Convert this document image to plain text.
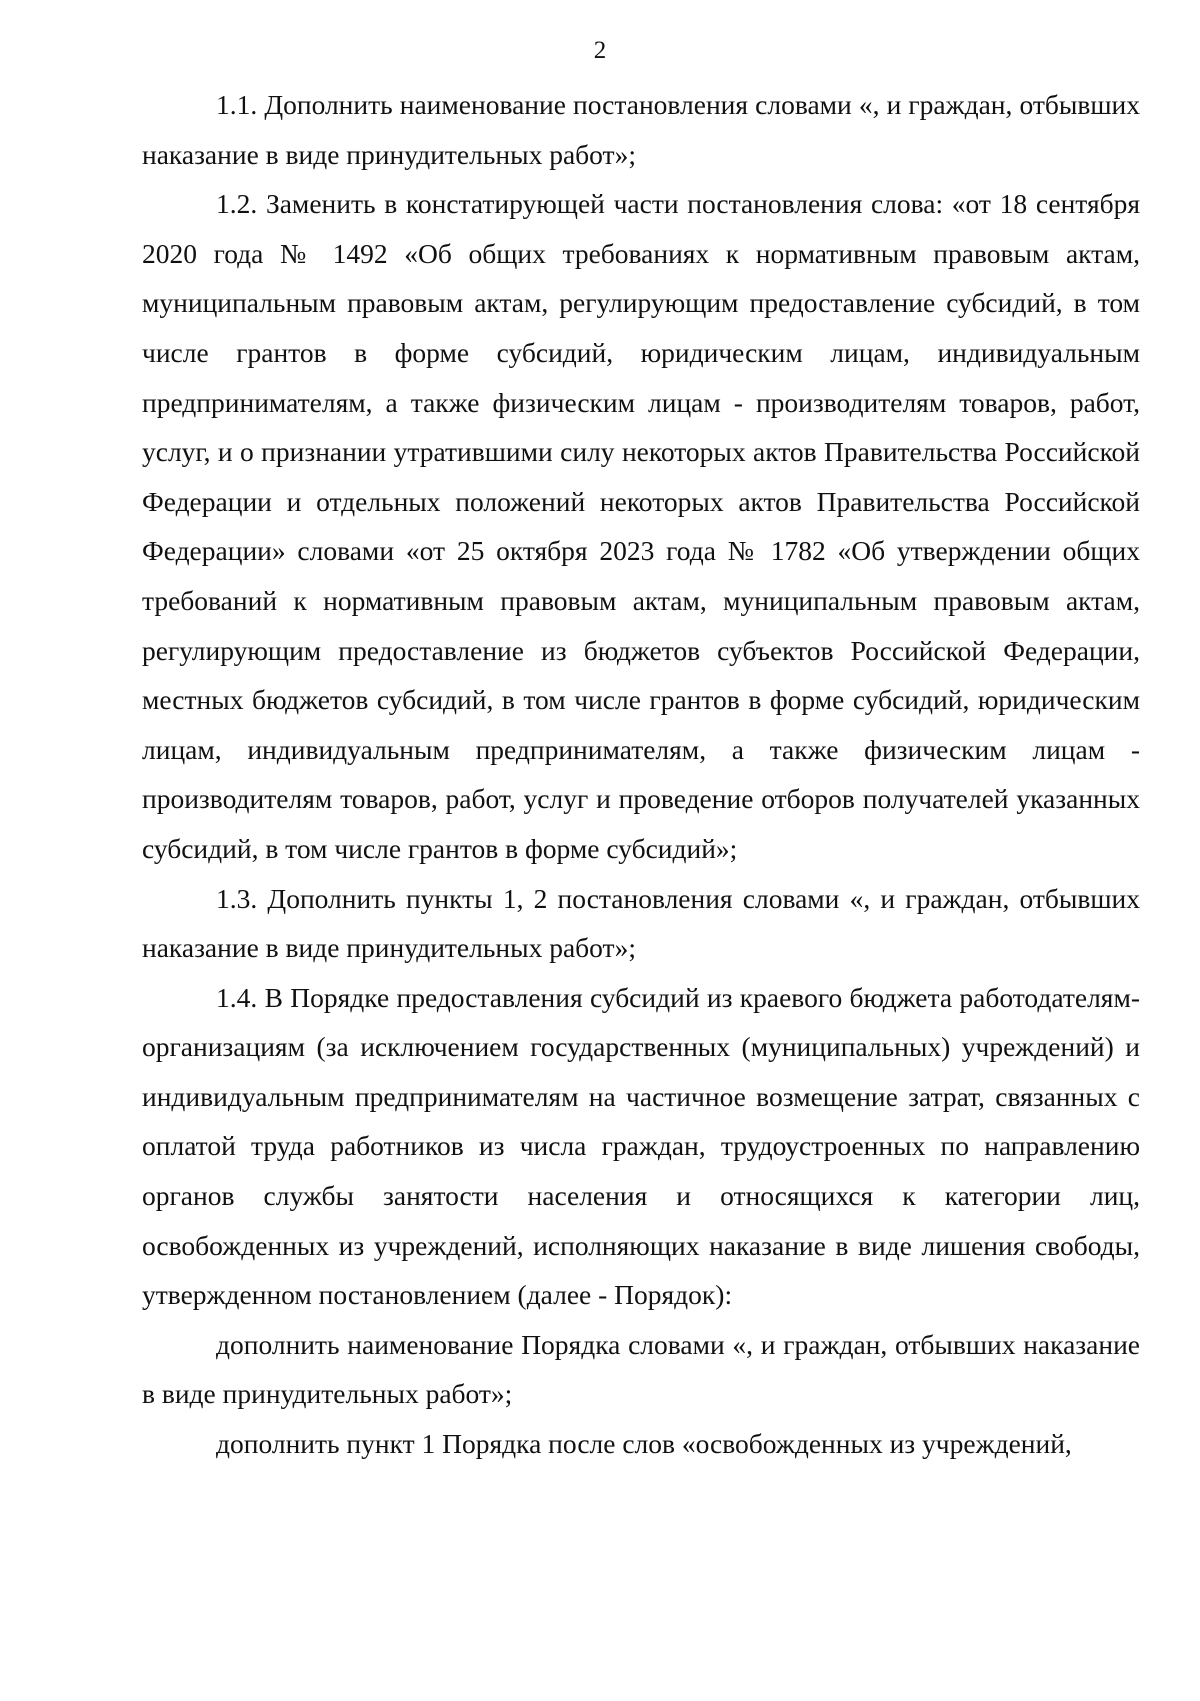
2

1.1. Дополнить наименование постановления словами «, и граждан, отбывших наказание в виде принудительных работ»;

1.2. Заменить в констатирующей части постановления слова: «от 18 сентября 2020 года № 1492 «Об общих требованиях к нормативным правовым актам, муниципальным правовым актам, регулирующим предоставление субсидий, в том числе грантов в форме субсидий, юридическим лицам, индивидуальным предпринимателям, а также физическим лицам - производителям товаров, работ, услуг, и о признании утратившими силу некоторых актов Правительства Российской Федерации и отдельных положений некоторых актов Правительства Российской Федерации» словами «от 25 октября 2023 года № 1782 «Об утверждении общих требований к нормативным правовым актам, муниципальным правовым актам, регулирующим предоставление из бюджетов субъектов Российской Федерации, местных бюджетов субсидий, в том числе грантов в форме субсидий, юридическим лицам, индивидуальным предпринимателям, а также физическим лицам - производителям товаров, работ, услуг и проведение отборов получателей указанных субсидий, в том числе грантов в форме субсидий»;

1.3. Дополнить пункты 1, 2 постановления словами «, и граждан, отбывших наказание в виде принудительных работ»;

1.4. В Порядке предоставления субсидий из краевого бюджета работодателям-организациям (за исключением государственных (муниципальных) учреждений) и индивидуальным предпринимателям на частичное возмещение затрат, связанных с оплатой труда работников из числа граждан, трудоустроенных по направлению органов службы занятости населения и относящихся к категории лиц, освобожденных из учреждений, исполняющих наказание в виде лишения свободы, утвержденном постановлением (далее - Порядок):

дополнить наименование Порядка словами «, и граждан, отбывших наказание в виде принудительных работ»;

дополнить пункт 1 Порядка после слов «освобожденных из учреждений,
